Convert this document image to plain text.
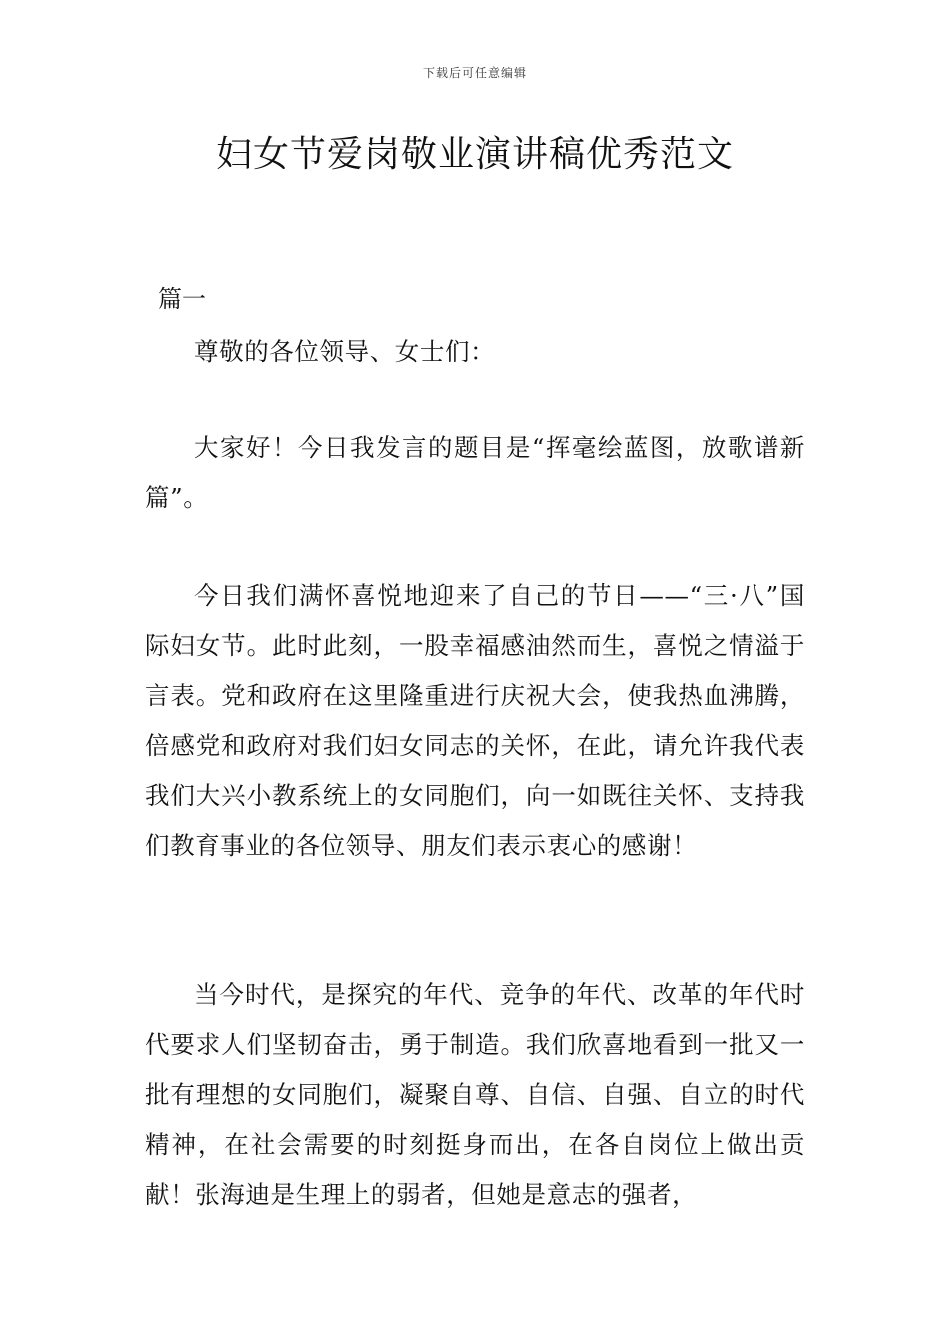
下载后可任意编辑
妇女节爱岗敬业演讲稿优秀范文
篇一

尊敬的各位领导、女士们：

大家好！今日我发言的题目是“挥毫绘蓝图，放歌谱新篇”。

今日我们满怀喜悦地迎来了自己的节日——“三·八”国际妇女节。此时此刻，一股幸福感油然而生，喜悦之情溢于言表。党和政府在这里隆重进行庆祝大会，使我热血沸腾，倍感党和政府对我们妇女同志的关怀，在此，请允许我代表我们大兴小教系统上的女同胞们，向一如既往关怀、支持我们教育事业的各位领导、朋友们表示衷心的感谢！

当今时代，是探究的年代、竞争的年代、改革的年代时代要求人们坚韧奋击，勇于制造。我们欣喜地看到一批又一批有理想的女同胞们，凝聚自尊、自信、自强、自立的时代精神，在社会需要的时刻挺身而出，在各自岗位上做出贡献！张海迪是生理上的弱者，但她是意志的强者，
